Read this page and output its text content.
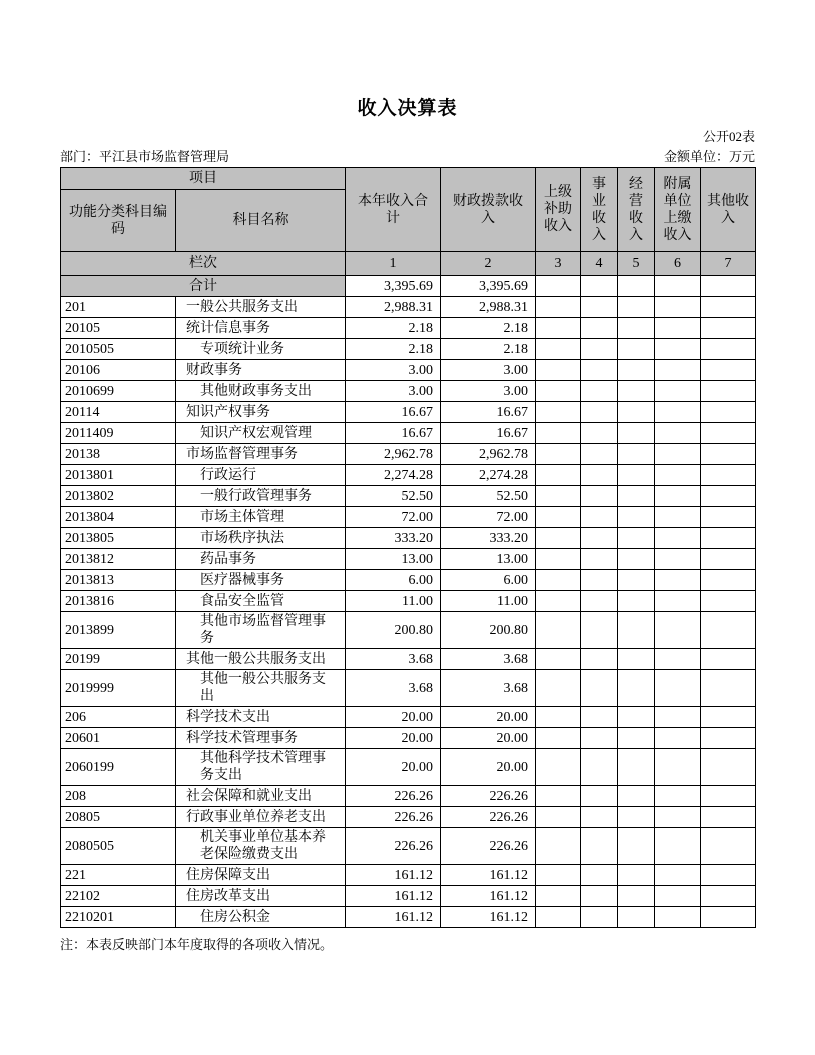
收入决算表
公开02表
部门：平江县市场监督管理局	金额单位：万元
项目		本年收入合计	财政拨款收入	上级补助收入	事业收入	经营收入	附属单位上缴收入	其他收入
功能分类科目编码	科目名称							
栏次		1	2	3	4	5	6	7
合计		3,395.69	3,395.69					
201	一般公共服务支出	2,988.31	2,988.31					
20105	统计信息事务	2.18	2.18					
2010505	专项统计业务	2.18	2.18					
20106	财政事务	3.00	3.00					
2010699	其他财政事务支出	3.00	3.00					
20114	知识产权事务	16.67	16.67					
2011409	知识产权宏观管理	16.67	16.67					
20138	市场监督管理事务	2,962.78	2,962.78					
2013801	行政运行	2,274.28	2,274.28					
2013802	一般行政管理事务	52.50	52.50					
2013804	市场主体管理	72.00	72.00					
2013805	市场秩序执法	333.20	333.20					
2013812	药品事务	13.00	13.00					
2013813	医疗器械事务	6.00	6.00					
2013816	食品安全监管	11.00	11.00					
2013899	其他市场监督管理事务	200.80	200.80					
20199	其他一般公共服务支出	3.68	3.68					
2019999	其他一般公共服务支出	3.68	3.68					
206	科学技术支出	20.00	20.00					
20601	科学技术管理事务	20.00	20.00					
2060199	其他科学技术管理事务支出	20.00	20.00					
208	社会保障和就业支出	226.26	226.26					
20805	行政事业单位养老支出	226.26	226.26					
2080505	机关事业单位基本养老保险缴费支出	226.26	226.26					
221	住房保障支出	161.12	161.12					
22102	住房改革支出	161.12	161.12					
2210201	住房公积金	161.12	161.12					
注：本表反映部门本年度取得的各项收入情况。
